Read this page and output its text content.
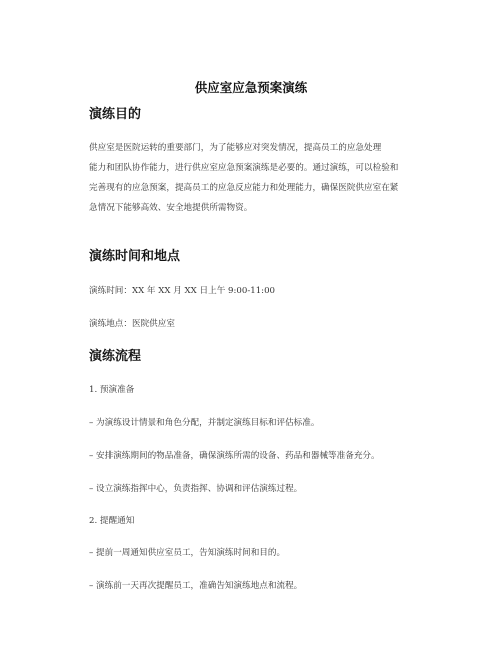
供应室应急预案演练
演练目的
供应室是医院运转的重要部门，为了能够应对突发情况，提高员工的应急处理
能力和团队协作能力，进行供应室应急预案演练是必要的。通过演练，可以检验和
完善现有的应急预案，提高员工的应急反应能力和处理能力，确保医院供应室在紧
急情况下能够高效、安全地提供所需物资。
演练时间和地点
演练时间：XX 年 XX 月 XX 日上午 9:00-11:00
演练地点：医院供应室
演练流程
1. 预演准备
– 为演练设计情景和角色分配，并制定演练目标和评估标准。
– 安排演练期间的物品准备，确保演练所需的设备、药品和器械等准备充分。
– 设立演练指挥中心，负责指挥、协调和评估演练过程。
2. 提醒通知
– 提前一周通知供应室员工，告知演练时间和目的。
– 演练前一天再次提醒员工，准确告知演练地点和流程。
